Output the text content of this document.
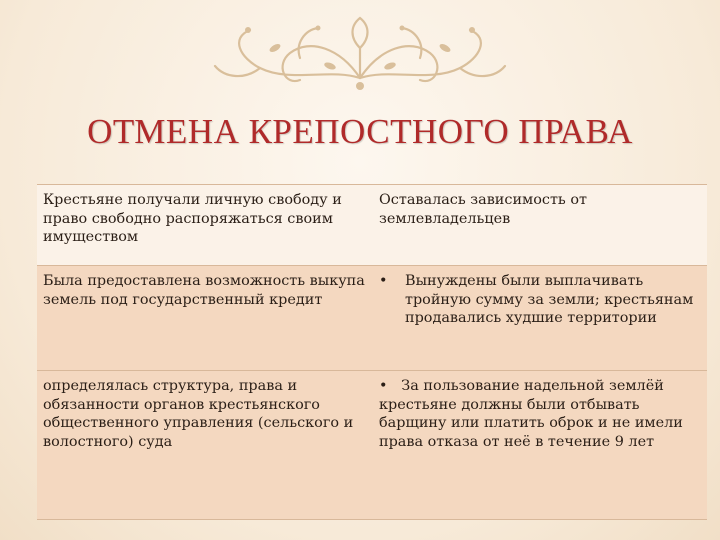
ОТМЕНА КРЕПОСТНОГО ПРАВА
Крестьяне получали личную свободу и право свободно распоряжаться своим имуществом	Оставалась зависимость от землевладельцев
Была предоставлена возможность выкупа земель под государственный кредит	• Вынуждены были выплачивать тройную сумму за земли; крестьянам продавались худшие территории

определялась структура, права и обязанности органов крестьянского общественного управления (сельского и волостного) суда	• За пользование надельной землёй крестьяне должны были отбывать барщину или платить оброк и не имели права отказа от неё в течение 9 лет
